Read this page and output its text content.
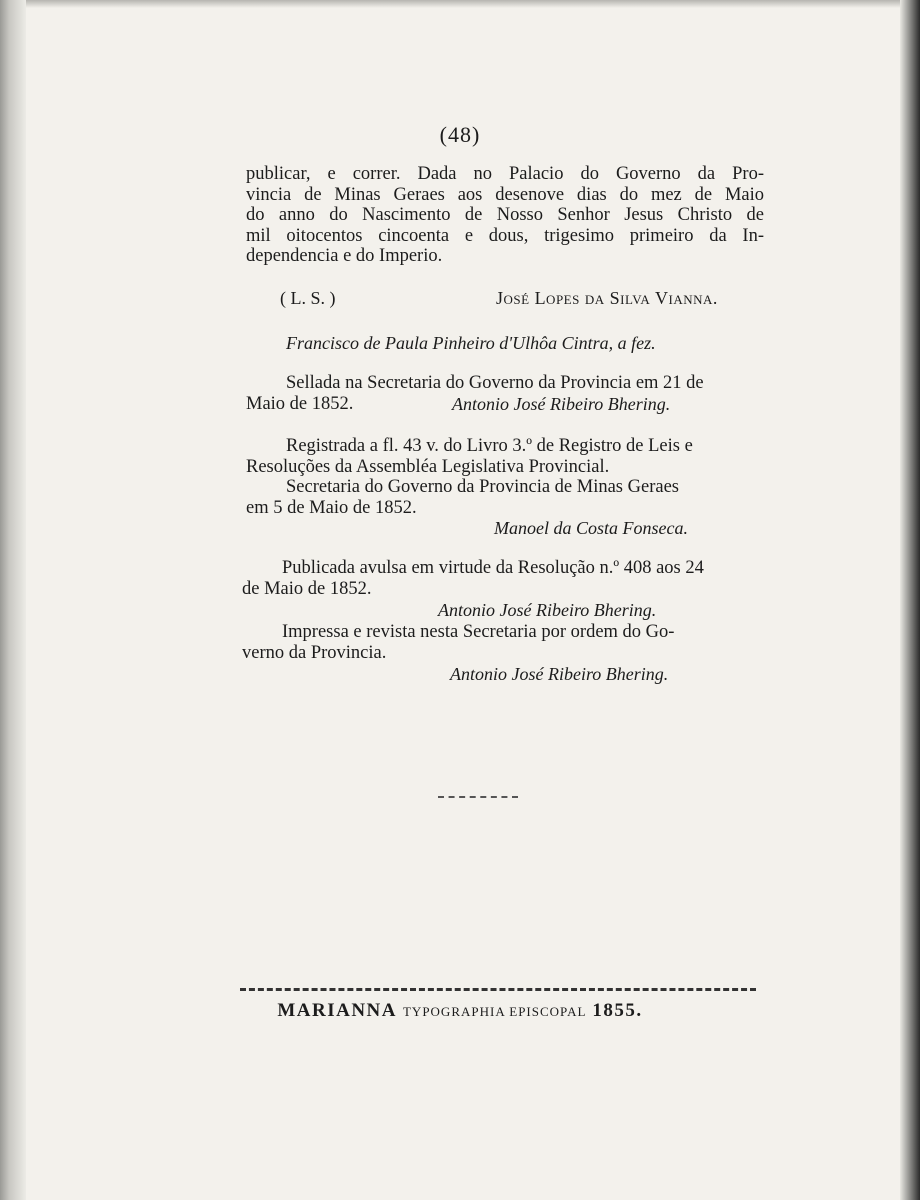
(48)
publicar, e correr. Dada no Palacio do Governo da Pro-
vincia de Minas Geraes aos desenove dias do mez de Maio
do anno do Nascimento de Nosso Senhor Jesus Christo de
mil oitocentos cincoenta e dous, trigesimo primeiro da In-
dependencia e do Imperio.
( L. S. )	José Lopes da Silva Vianna.
Francisco de Paula Pinheiro d'Ulhôa Cintra, a fez.
Sellada na Secretaria do Governo da Provincia em 21 de
Maio de 1852.	Antonio José Ribeiro Bhering.
Registrada a fl. 43 v. do Livro 3.º de Registro de Leis e
Resoluções da Assembléa Legislativa Provincial.
Secretaria do Governo da Provincia de Minas Geraes
em 5 de Maio de 1852.
Manoel da Costa Fonseca.
Publicada avulsa em virtude da Resolução n.º 408 aos 24
de Maio de 1852.
Antonio José Ribeiro Bhering.
Impressa e revista nesta Secretaria por ordem do Go-
verno da Provincia.
Antonio José Ribeiro Bhering.
MARIANNA TYPOGRAPHIA EPISCOPAL 1855.
